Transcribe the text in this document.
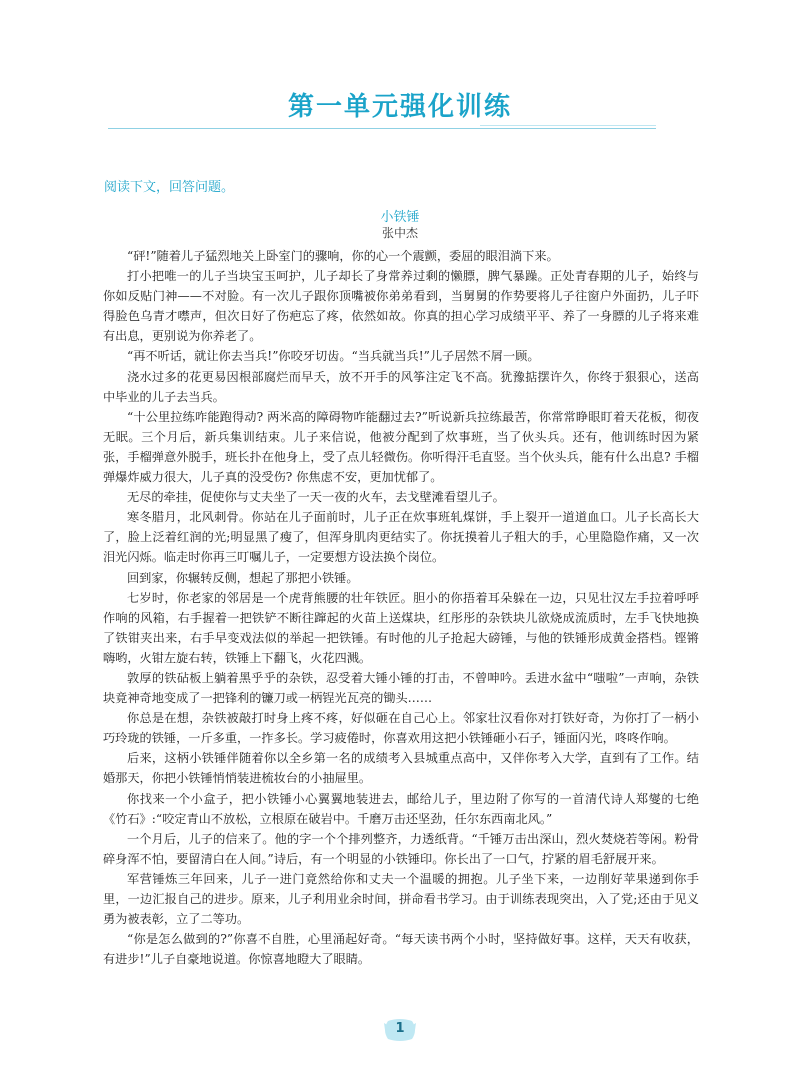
第一单元强化训练
阅读下文，回答问题。
小铁锤
张中杰

“砰!”随着儿子猛烈地关上卧室门的骤响，你的心一个震颤，委屈的眼泪淌下来。

打小把唯一的儿子当块宝玉呵护，儿子却长了身常养过剩的懒膘，脾气暴躁。正处青春期的儿子，始终与你如反贴门神——不对脸。有一次儿子跟你顶嘴被你弟弟看到，当舅舅的作势要将儿子往窗户外面扔，儿子吓得脸色乌青才噤声，但次日好了伤疤忘了疼，依然如故。你真的担心学习成绩平平、养了一身膘的儿子将来难有出息，更别说为你养老了。

“再不听话，就让你去当兵!”你咬牙切齿。“当兵就当兵!”儿子居然不屑一顾。

浇水过多的花更易因根部腐烂而早夭，放不开手的风筝注定飞不高。犹豫掂摆许久，你终于狠狠心，送高中毕业的儿子去当兵。

“十公里拉练咋能跑得动? 两米高的障碍物咋能翻过去?”听说新兵拉练最苦，你常常睁眼盯着天花板，彻夜无眠。三个月后，新兵集训结束。儿子来信说，他被分配到了炊事班，当了伙头兵。还有，他训练时因为紧张，手榴弹意外脱手，班长扑在他身上，受了点儿轻微伤。你听得汗毛直竖。当个伙头兵，能有什么出息? 手榴弹爆炸威力很大，儿子真的没受伤? 你焦虑不安，更加忧郁了。

无尽的牵挂，促使你与丈夫坐了一天一夜的火车，去戈壁滩看望儿子。

寒冬腊月，北风刺骨。你站在儿子面前时，儿子正在炊事班轧煤饼，手上裂开一道道血口。儿子长高长大了，脸上泛着红润的光;明显黑了瘦了，但浑身肌肉更结实了。你抚摸着儿子粗大的手，心里隐隐作痛，又一次泪光闪烁。临走时你再三叮嘱儿子，一定要想方设法换个岗位。

回到家，你辗转反侧，想起了那把小铁锤。

七岁时，你老家的邻居是一个虎背熊腰的壮年铁匠。胆小的你捂着耳朵躲在一边，只见壮汉左手拉着呼呼作响的风箱，右手握着一把铁铲不断往蹿起的火苗上送煤块，红彤彤的杂铁块儿欲烧成流质时，左手飞快地换了铁钳夹出来，右手早变戏法似的举起一把铁锤。有时他的儿子抢起大磅锤，与他的铁锤形成黄金搭档。铿锵嗨哟，火钳左旋右转，铁锤上下翻飞，火花四溅。

敦厚的铁砧板上躺着黑乎乎的杂铁，忍受着大锤小锤的打击，不曾呻吟。丢进水盆中“嗤啦”一声响，杂铁块竟神奇地变成了一把锋利的镰刀或一柄锃光瓦亮的锄头……

你总是在想，杂铁被敲打时身上疼不疼，好似砸在自己心上。邻家壮汉看你对打铁好奇，为你打了一柄小巧玲珑的铁锤，一斤多重，一拃多长。学习疲倦时，你喜欢用这把小铁锤砸小石子，锤面闪光，咚咚作响。

后来，这柄小铁锤伴随着你以全乡第一名的成绩考入县城重点高中，又伴你考入大学，直到有了工作。结婚那天，你把小铁锤悄悄装进梳妆台的小抽屉里。

你找来一个小盒子，把小铁锤小心翼翼地装进去，邮给儿子，里边附了你写的一首清代诗人郑燮的七绝《竹石》:“咬定青山不放松，立根原在破岩中。千磨万击还坚劲，任尔东西南北风。”

一个月后，儿子的信来了。他的字一个个排列整齐，力透纸背。“千锤万击出深山，烈火焚烧若等闲。粉骨碎身浑不怕，要留清白在人间。”诗后，有一个明显的小铁锤印。你长出了一口气，拧紧的眉毛舒展开来。

军营锤炼三年回来，儿子一进门竟然给你和丈夫一个温暖的拥抱。儿子坐下来，一边削好苹果递到你手里，一边汇报自己的进步。原来，儿子利用业余时间，拼命看书学习。由于训练表现突出，入了党;还由于见义勇为被表彰，立了二等功。

“你是怎么做到的?”你喜不自胜，心里涌起好奇。“每天读书两个小时，坚持做好事。这样，天天有收获，有进步!”儿子自豪地说道。你惊喜地瞪大了眼睛。

1
